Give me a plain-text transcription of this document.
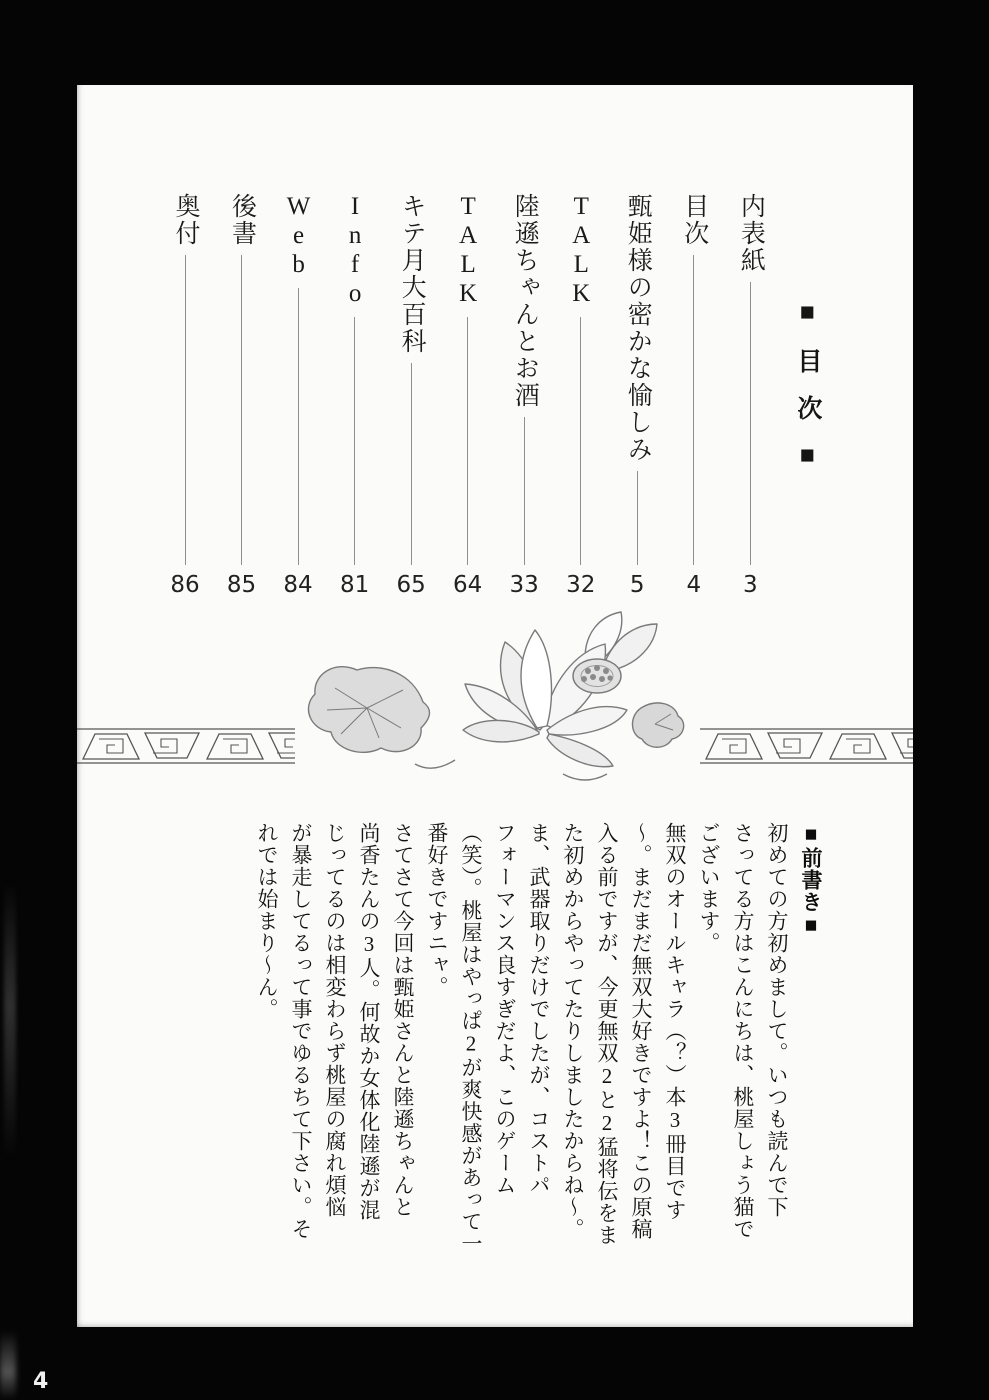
■目次■
内表紙
3
目次
4
甄姫様の密かな愉しみ
5
TALK
32
陸遜ちゃんとお酒
33
TALK
64
キテ月大百科
65
Info
81
Web
84
後書
85
奥付
86
■前書き■
初めての方初めまして。いつも読んで下
さってる方はこんにちは、桃屋しょう猫で
ございます。
無双のオールキャラ（？）本3冊目です
～。まだまだ無双大好きですよ！この原稿
入る前ですが、今更無双2と2猛将伝をま
た初めからやってたりしましたからね～。
ま、武器取りだけでしたが、コストパ
フォーマンス良すぎだよ、このゲーム
（笑）。桃屋はやっぱ2が爽快感があって一
番好きですニャ。
さてさて今回は甄姫さんと陸遜ちゃんと
尚香たんの3人。何故か女体化陸遜が混
じってるのは相変わらず桃屋の腐れ煩悩
が暴走してるって事でゆるちて下さい。そ
れでは始まり～ん。
4
